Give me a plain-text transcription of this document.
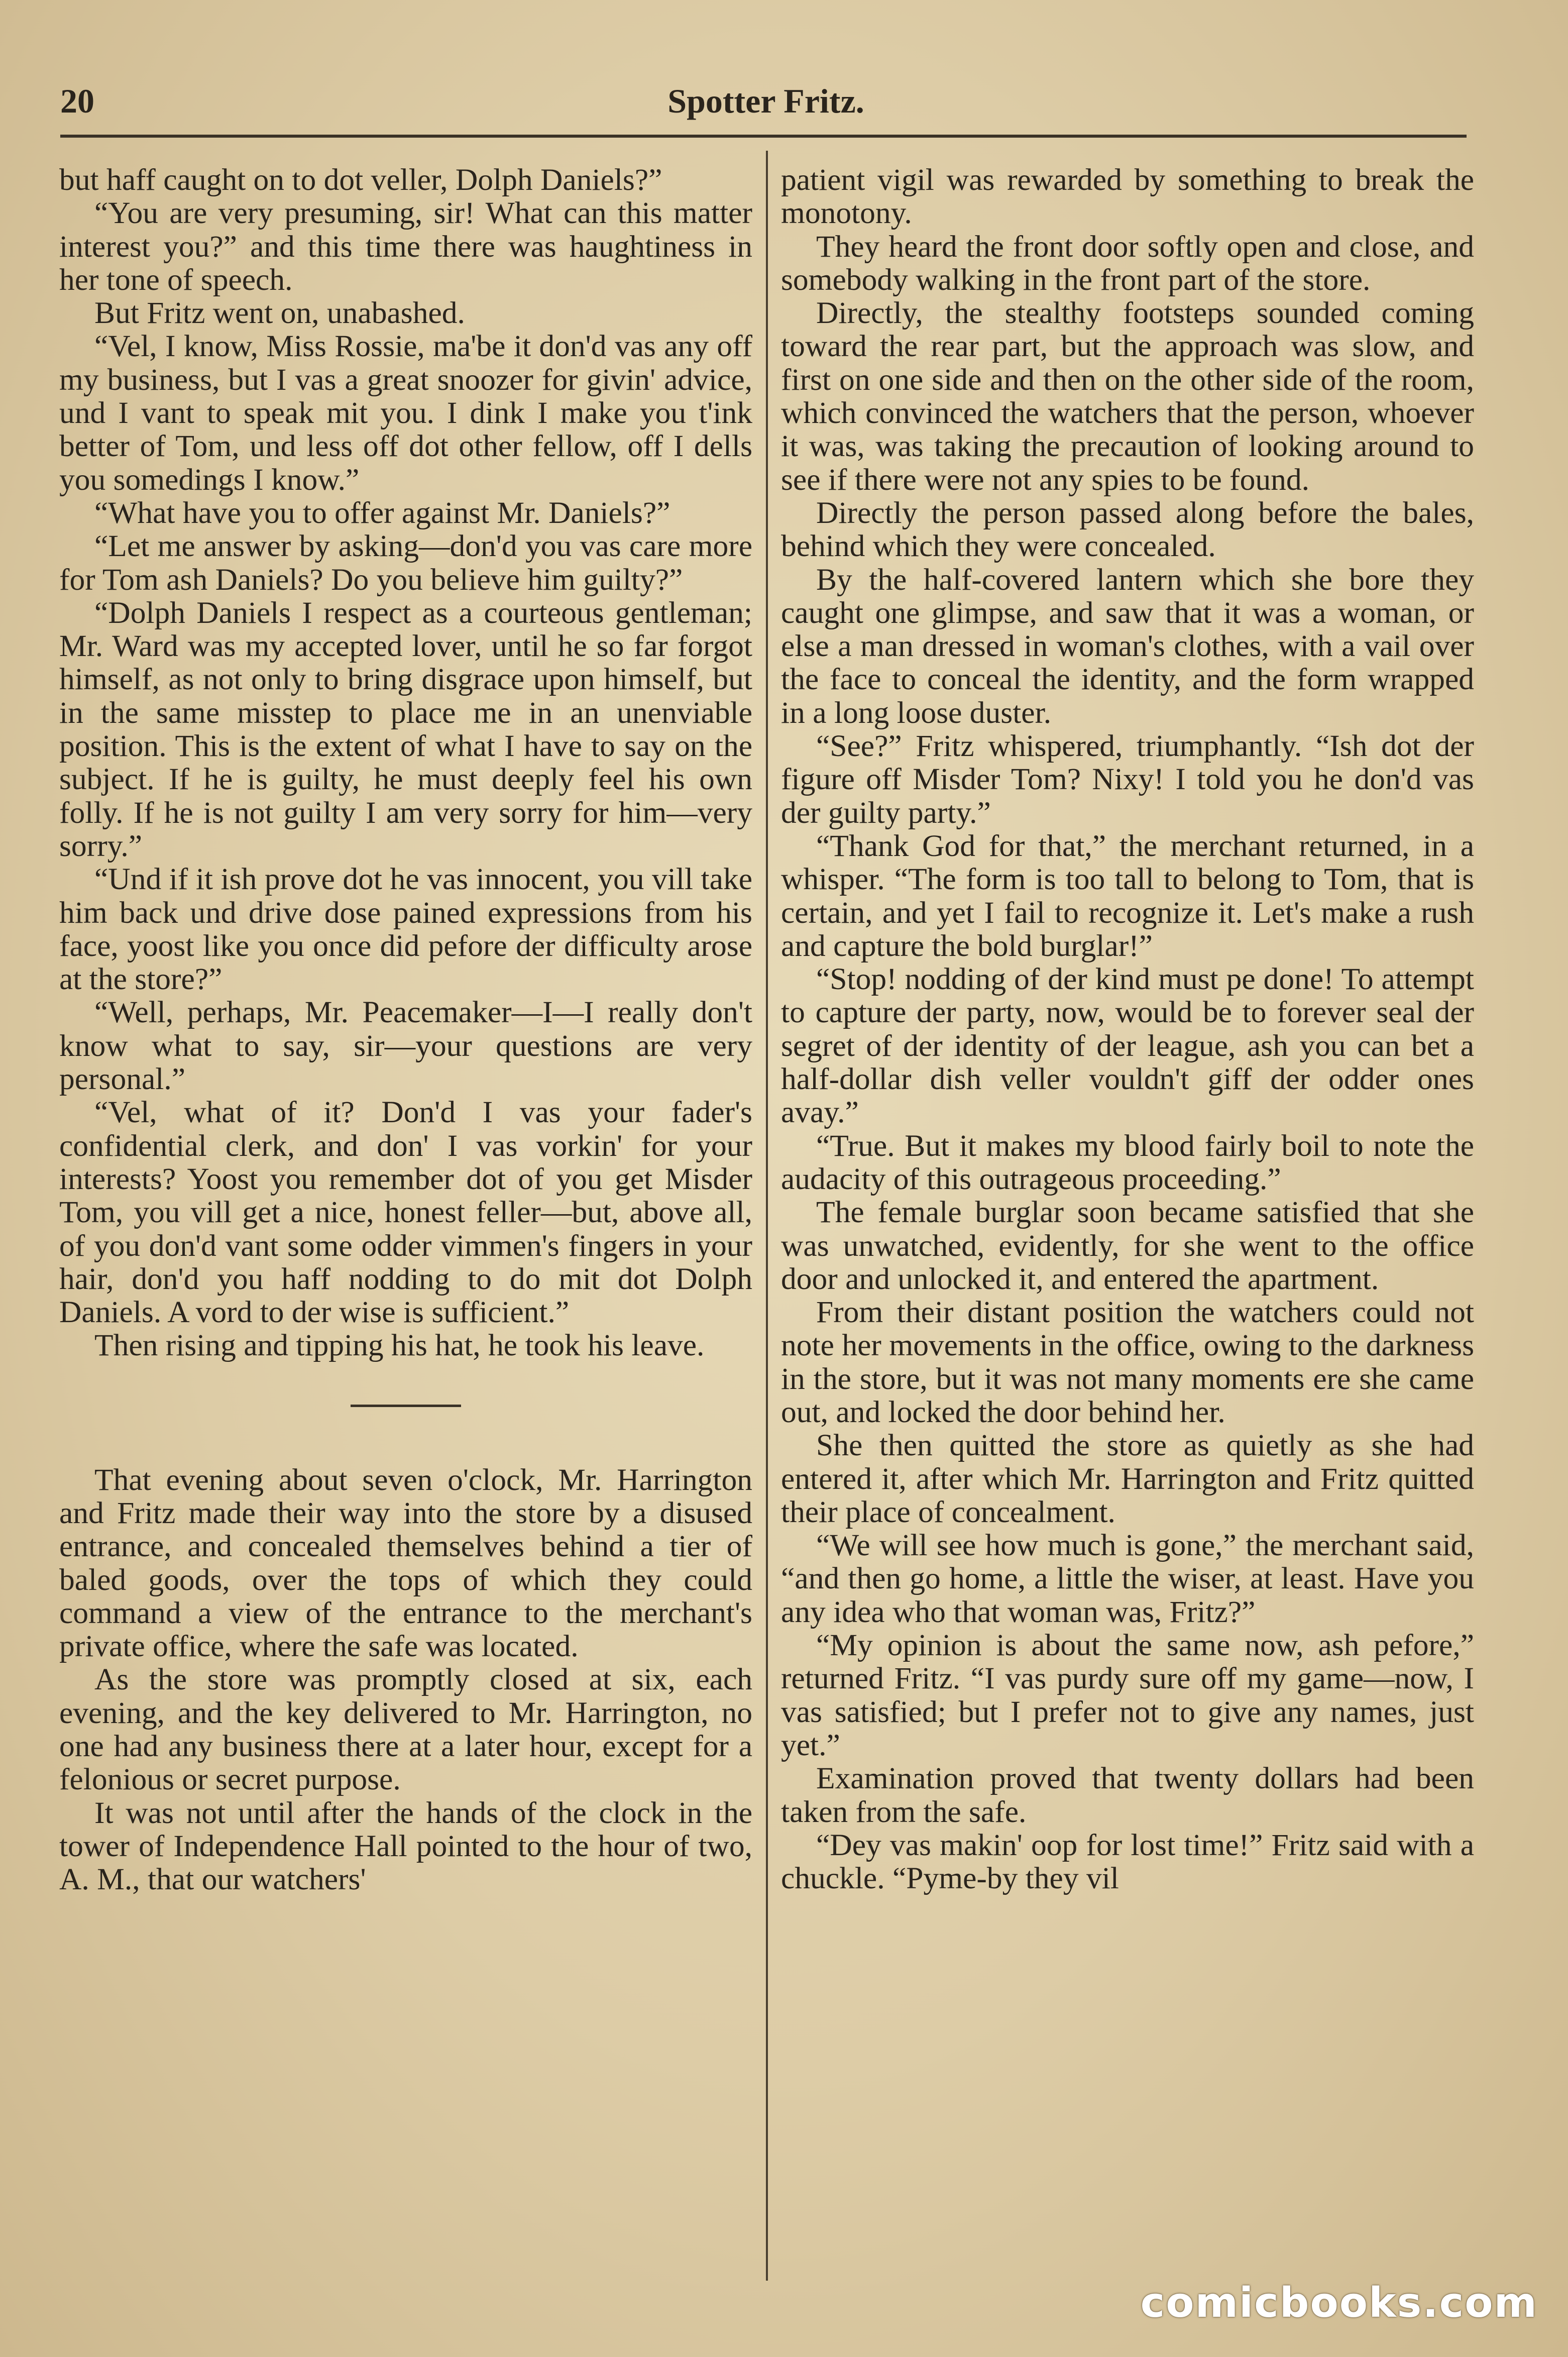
20	Spotter Fritz.

but haff caught on to dot veller, Dolph Daniels?”

“You are very presuming, sir! What can this matter interest you?” and this time there was haughtiness in her tone of speech.

But Fritz went on, unabashed.

“Vel, I know, Miss Rossie, ma'be it don'd vas any off my business, but I vas a great snoozer for givin' advice, und I vant to speak mit you. I dink I make you t'ink better of Tom, und less off dot other fellow, off I dells you somedings I know.”

“What have you to offer against Mr. Daniels?”

“Let me answer by asking—don'd you vas care more for Tom ash Daniels? Do you believe him guilty?”

“Dolph Daniels I respect as a courteous gentleman; Mr. Ward was my accepted lover, until he so far forgot himself, as not only to bring disgrace upon himself, but in the same misstep to place me in an unenviable position. This is the extent of what I have to say on the subject. If he is guilty, he must deeply feel his own folly. If he is not guilty I am very sorry for him—very sorry.”

“Und if it ish prove dot he vas innocent, you vill take him back und drive dose pained expressions from his face, yoost like you once did pefore der difficulty arose at the store?”

“Well, perhaps, Mr. Peacemaker—I—I really don't know what to say, sir—your questions are very personal.”

“Vel, what of it? Don'd I vas your fader's confidential clerk, and don' I vas vorkin' for your interests? Yoost you remember dot of you get Misder Tom, you vill get a nice, honest feller—but, above all, of you don'd vant some odder vimmen's fingers in your hair, don'd you haff nodding to do mit dot Dolph Daniels. A vord to der wise is sufficient.”

Then rising and tipping his hat, he took his leave.

That evening about seven o'clock, Mr. Harrington and Fritz made their way into the store by a disused entrance, and concealed themselves behind a tier of baled goods, over the tops of which they could command a view of the entrance to the merchant's private office, where the safe was located.

As the store was promptly closed at six, each evening, and the key delivered to Mr. Harrington, no one had any business there at a later hour, except for a felonious or secret purpose.

It was not until after the hands of the clock in the tower of Independence Hall pointed to the hour of two, A. M., that our watchers'

patient vigil was rewarded by something to break the monotony.

They heard the front door softly open and close, and somebody walking in the front part of the store.

Directly, the stealthy footsteps sounded coming toward the rear part, but the approach was slow, and first on one side and then on the other side of the room, which convinced the watchers that the person, whoever it was, was taking the precaution of looking around to see if there were not any spies to be found.

Directly the person passed along before the bales, behind which they were concealed.

By the half-covered lantern which she bore they caught one glimpse, and saw that it was a woman, or else a man dressed in woman's clothes, with a vail over the face to conceal the identity, and the form wrapped in a long loose duster.

“See?” Fritz whispered, triumphantly. “Ish dot der figure off Misder Tom? Nixy! I told you he don'd vas der guilty party.”

“Thank God for that,” the merchant returned, in a whisper. “The form is too tall to belong to Tom, that is certain, and yet I fail to recognize it. Let's make a rush and capture the bold burglar!”

“Stop! nodding of der kind must pe done! To attempt to capture der party, now, would be to forever seal der segret of der identity of der league, ash you can bet a half-dollar dish veller vouldn't giff der odder ones avay.”

“True. But it makes my blood fairly boil to note the audacity of this outrageous proceeding.”

The female burglar soon became satisfied that she was unwatched, evidently, for she went to the office door and unlocked it, and entered the apartment.

From their distant position the watchers could not note her movements in the office, owing to the darkness in the store, but it was not many moments ere she came out, and locked the door behind her.

She then quitted the store as quietly as she had entered it, after which Mr. Harrington and Fritz quitted their place of concealment.

“We will see how much is gone,” the merchant said, “and then go home, a little the wiser, at least. Have you any idea who that woman was, Fritz?”

“My opinion is about the same now, ash pefore,” returned Fritz. “I vas purdy sure off my game—now, I vas satisfied; but I prefer not to give any names, just yet.”

Examination proved that twenty dollars had been taken from the safe.

“Dey vas makin' oop for lost time!” Fritz said with a chuckle. “Pyme-by they vil

comicbooks.com
